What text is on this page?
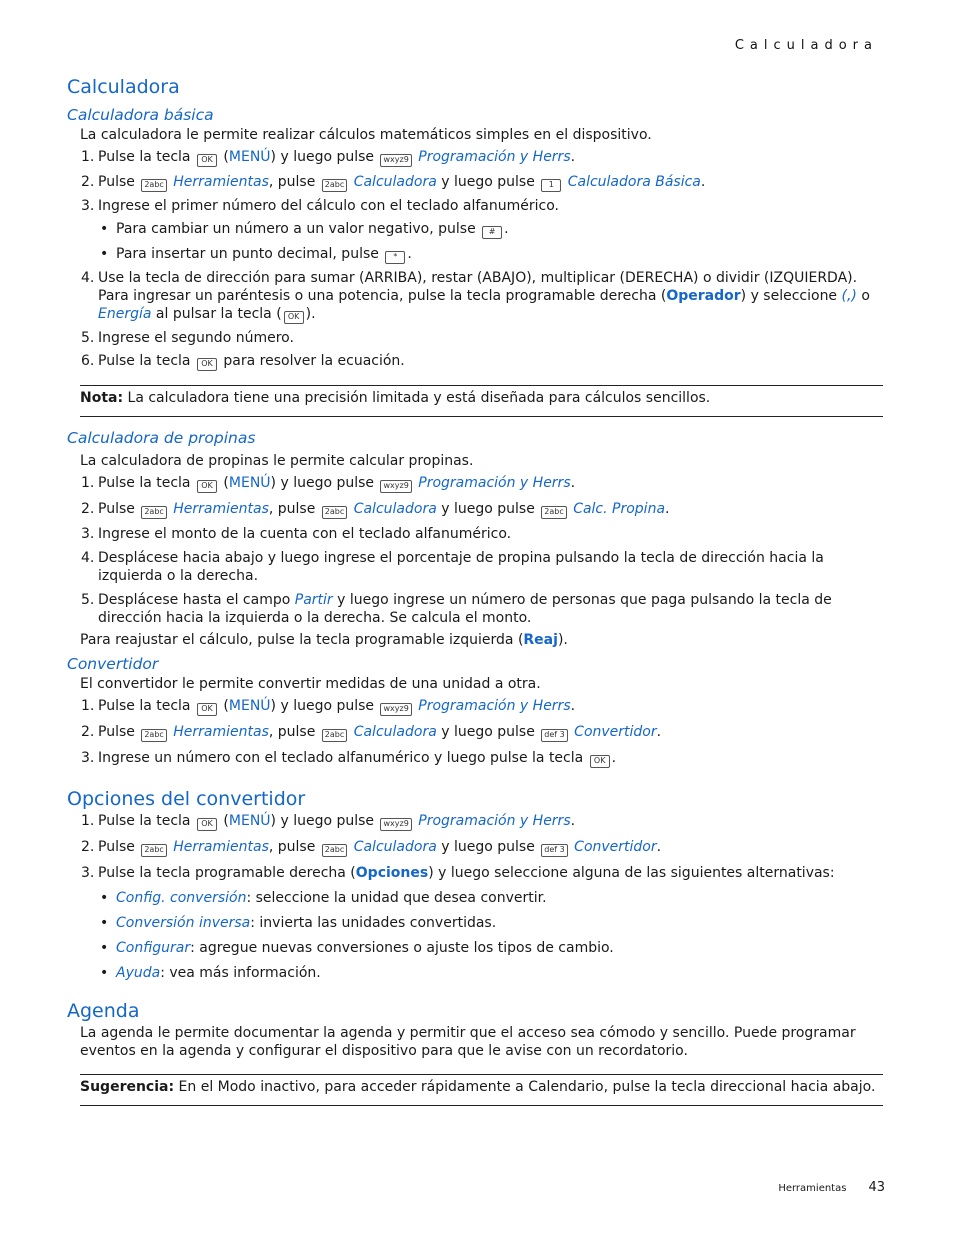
Calculadora
Calculadora
Calculadora básica

La calculadora le permite realizar cálculos matemáticos simples en el dispositivo.

1. Pulse la tecla OK (MENÚ) y luego pulse wxyz9 Programación y Herrs.
2. Pulse 2abc Herramientas, pulse 2abc Calculadora y luego pulse 1 Calculadora Básica.
3. Ingrese el primer número del cálculo con el teclado alfanumérico.
• Para cambiar un número a un valor negativo, pulse # .
• Para insertar un punto decimal, pulse * .
4. Use la tecla de dirección para sumar (ARRIBA), restar (ABAJO), multiplicar (DERECHA) o dividir (IZQUIERDA). Para ingresar un paréntesis o una potencia, pulse la tecla programable derecha (Operador) y seleccione (,) o Energía al pulsar la tecla ( OK ).
5. Ingrese el segundo número.
6. Pulse la tecla OK para resolver la ecuación.
Nota: La calculadora tiene una precisión limitada y está diseñada para cálculos sencillos.
Calculadora de propinas

La calculadora de propinas le permite calcular propinas.

1. Pulse la tecla OK (MENÚ) y luego pulse wxyz9 Programación y Herrs.
2. Pulse 2abc Herramientas, pulse 2abc Calculadora y luego pulse 2abc Calc. Propina.
3. Ingrese el monto de la cuenta con el teclado alfanumérico.
4. Desplácese hacia abajo y luego ingrese el porcentaje de propina pulsando la tecla de dirección hacia la izquierda o la derecha.
5. Desplácese hasta el campo Partir y luego ingrese un número de personas que paga pulsando la tecla de dirección hacia la izquierda o la derecha. Se calcula el monto.

Para reajustar el cálculo, pulse la tecla programable izquierda (Reaj).

Convertidor

El convertidor le permite convertir medidas de una unidad a otra.

1. Pulse la tecla OK (MENÚ) y luego pulse wxyz9 Programación y Herrs.
2. Pulse 2abc Herramientas, pulse 2abc Calculadora y luego pulse def 3 Convertidor.
3. Ingrese un número con el teclado alfanumérico y luego pulse la tecla OK .
Opciones del convertidor
1. Pulse la tecla OK (MENÚ) y luego pulse wxyz9 Programación y Herrs.
2. Pulse 2abc Herramientas, pulse 2abc Calculadora y luego pulse def 3 Convertidor.
3. Pulse la tecla programable derecha (Opciones) y luego seleccione alguna de las siguientes alternativas:
• Config. conversión: seleccione la unidad que desea convertir.
• Conversión inversa: invierta las unidades convertidas.
• Configurar: agregue nuevas conversiones o ajuste los tipos de cambio.
• Ayuda: vea más información.
Agenda

La agenda le permite documentar la agenda y permitir que el acceso sea cómodo y sencillo. Puede programar eventos en la agenda y configurar el dispositivo para que le avise con un recordatorio.

Sugerencia: En el Modo inactivo, para acceder rápidamente a Calendario, pulse la tecla direccional hacia abajo.
Herramientas 43
